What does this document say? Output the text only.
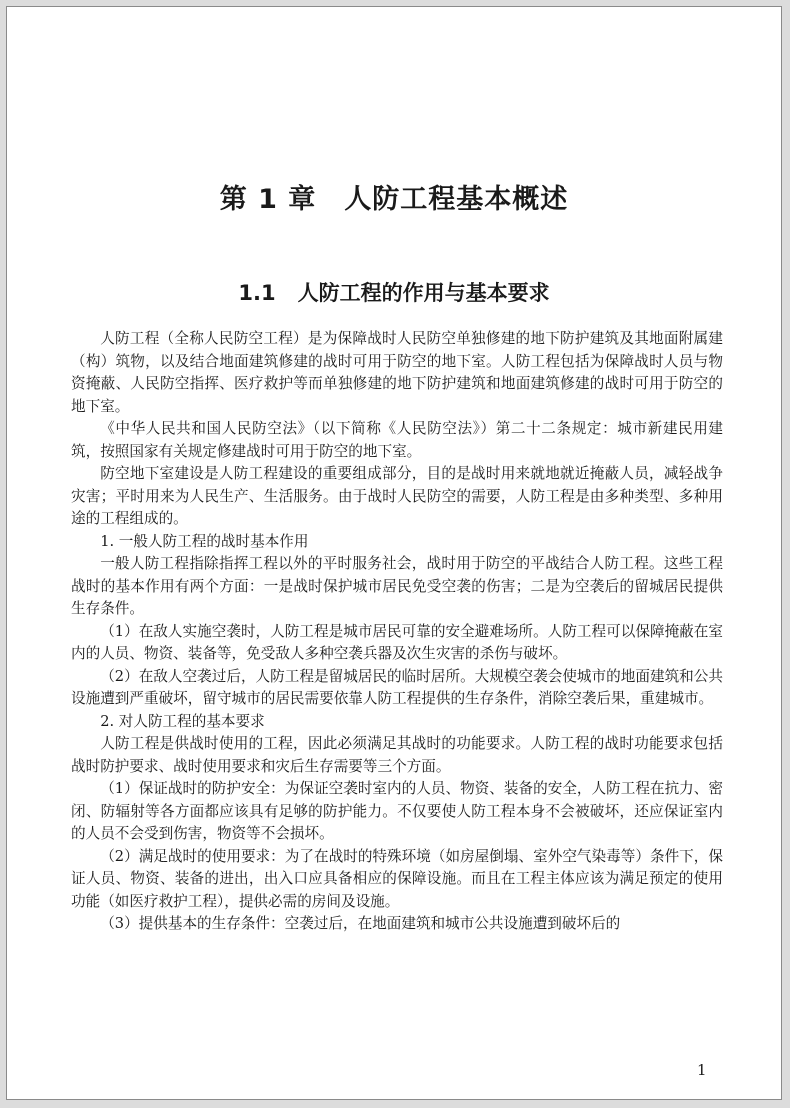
第 1 章 人防工程基本概述
1.1 人防工程的作用与基本要求

人防工程（全称人民防空工程）是为保障战时人民防空单独修建的地下防护建筑及其地面附属建（构）筑物，以及结合地面建筑修建的战时可用于防空的地下室。人防工程包括为保障战时人员与物资掩蔽、人民防空指挥、医疗救护等而单独修建的地下防护建筑和地面建筑修建的战时可用于防空的地下室。

《中华人民共和国人民防空法》（以下简称《人民防空法》）第二十二条规定：城市新建民用建筑，按照国家有关规定修建战时可用于防空的地下室。

防空地下室建设是人防工程建设的重要组成部分，目的是战时用来就地就近掩蔽人员，减轻战争灾害；平时用来为人民生产、生活服务。由于战时人民防空的需要，人防工程是由多种类型、多种用途的工程组成的。

1. 一般人防工程的战时基本作用

一般人防工程指除指挥工程以外的平时服务社会，战时用于防空的平战结合人防工程。这些工程战时的基本作用有两个方面：一是战时保护城市居民免受空袭的伤害；二是为空袭后的留城居民提供生存条件。

（1）在敌人实施空袭时，人防工程是城市居民可靠的安全避难场所。人防工程可以保障掩蔽在室内的人员、物资、装备等，免受敌人多种空袭兵器及次生灾害的杀伤与破坏。

（2）在敌人空袭过后，人防工程是留城居民的临时居所。大规模空袭会使城市的地面建筑和公共设施遭到严重破坏，留守城市的居民需要依靠人防工程提供的生存条件，消除空袭后果，重建城市。

2. 对人防工程的基本要求

人防工程是供战时使用的工程，因此必须满足其战时的功能要求。人防工程的战时功能要求包括战时防护要求、战时使用要求和灾后生存需要等三个方面。

（1）保证战时的防护安全：为保证空袭时室内的人员、物资、装备的安全，人防工程在抗力、密闭、防辐射等各方面都应该具有足够的防护能力。不仅要使人防工程本身不会被破坏，还应保证室内的人员不会受到伤害，物资等不会损坏。

（2）满足战时的使用要求：为了在战时的特殊环境（如房屋倒塌、室外空气染毒等）条件下，保证人员、物资、装备的进出，出入口应具备相应的保障设施。而且在工程主体应该为满足预定的使用功能（如医疗救护工程），提供必需的房间及设施。

（3）提供基本的生存条件：空袭过后，在地面建筑和城市公共设施遭到破坏后的

1
